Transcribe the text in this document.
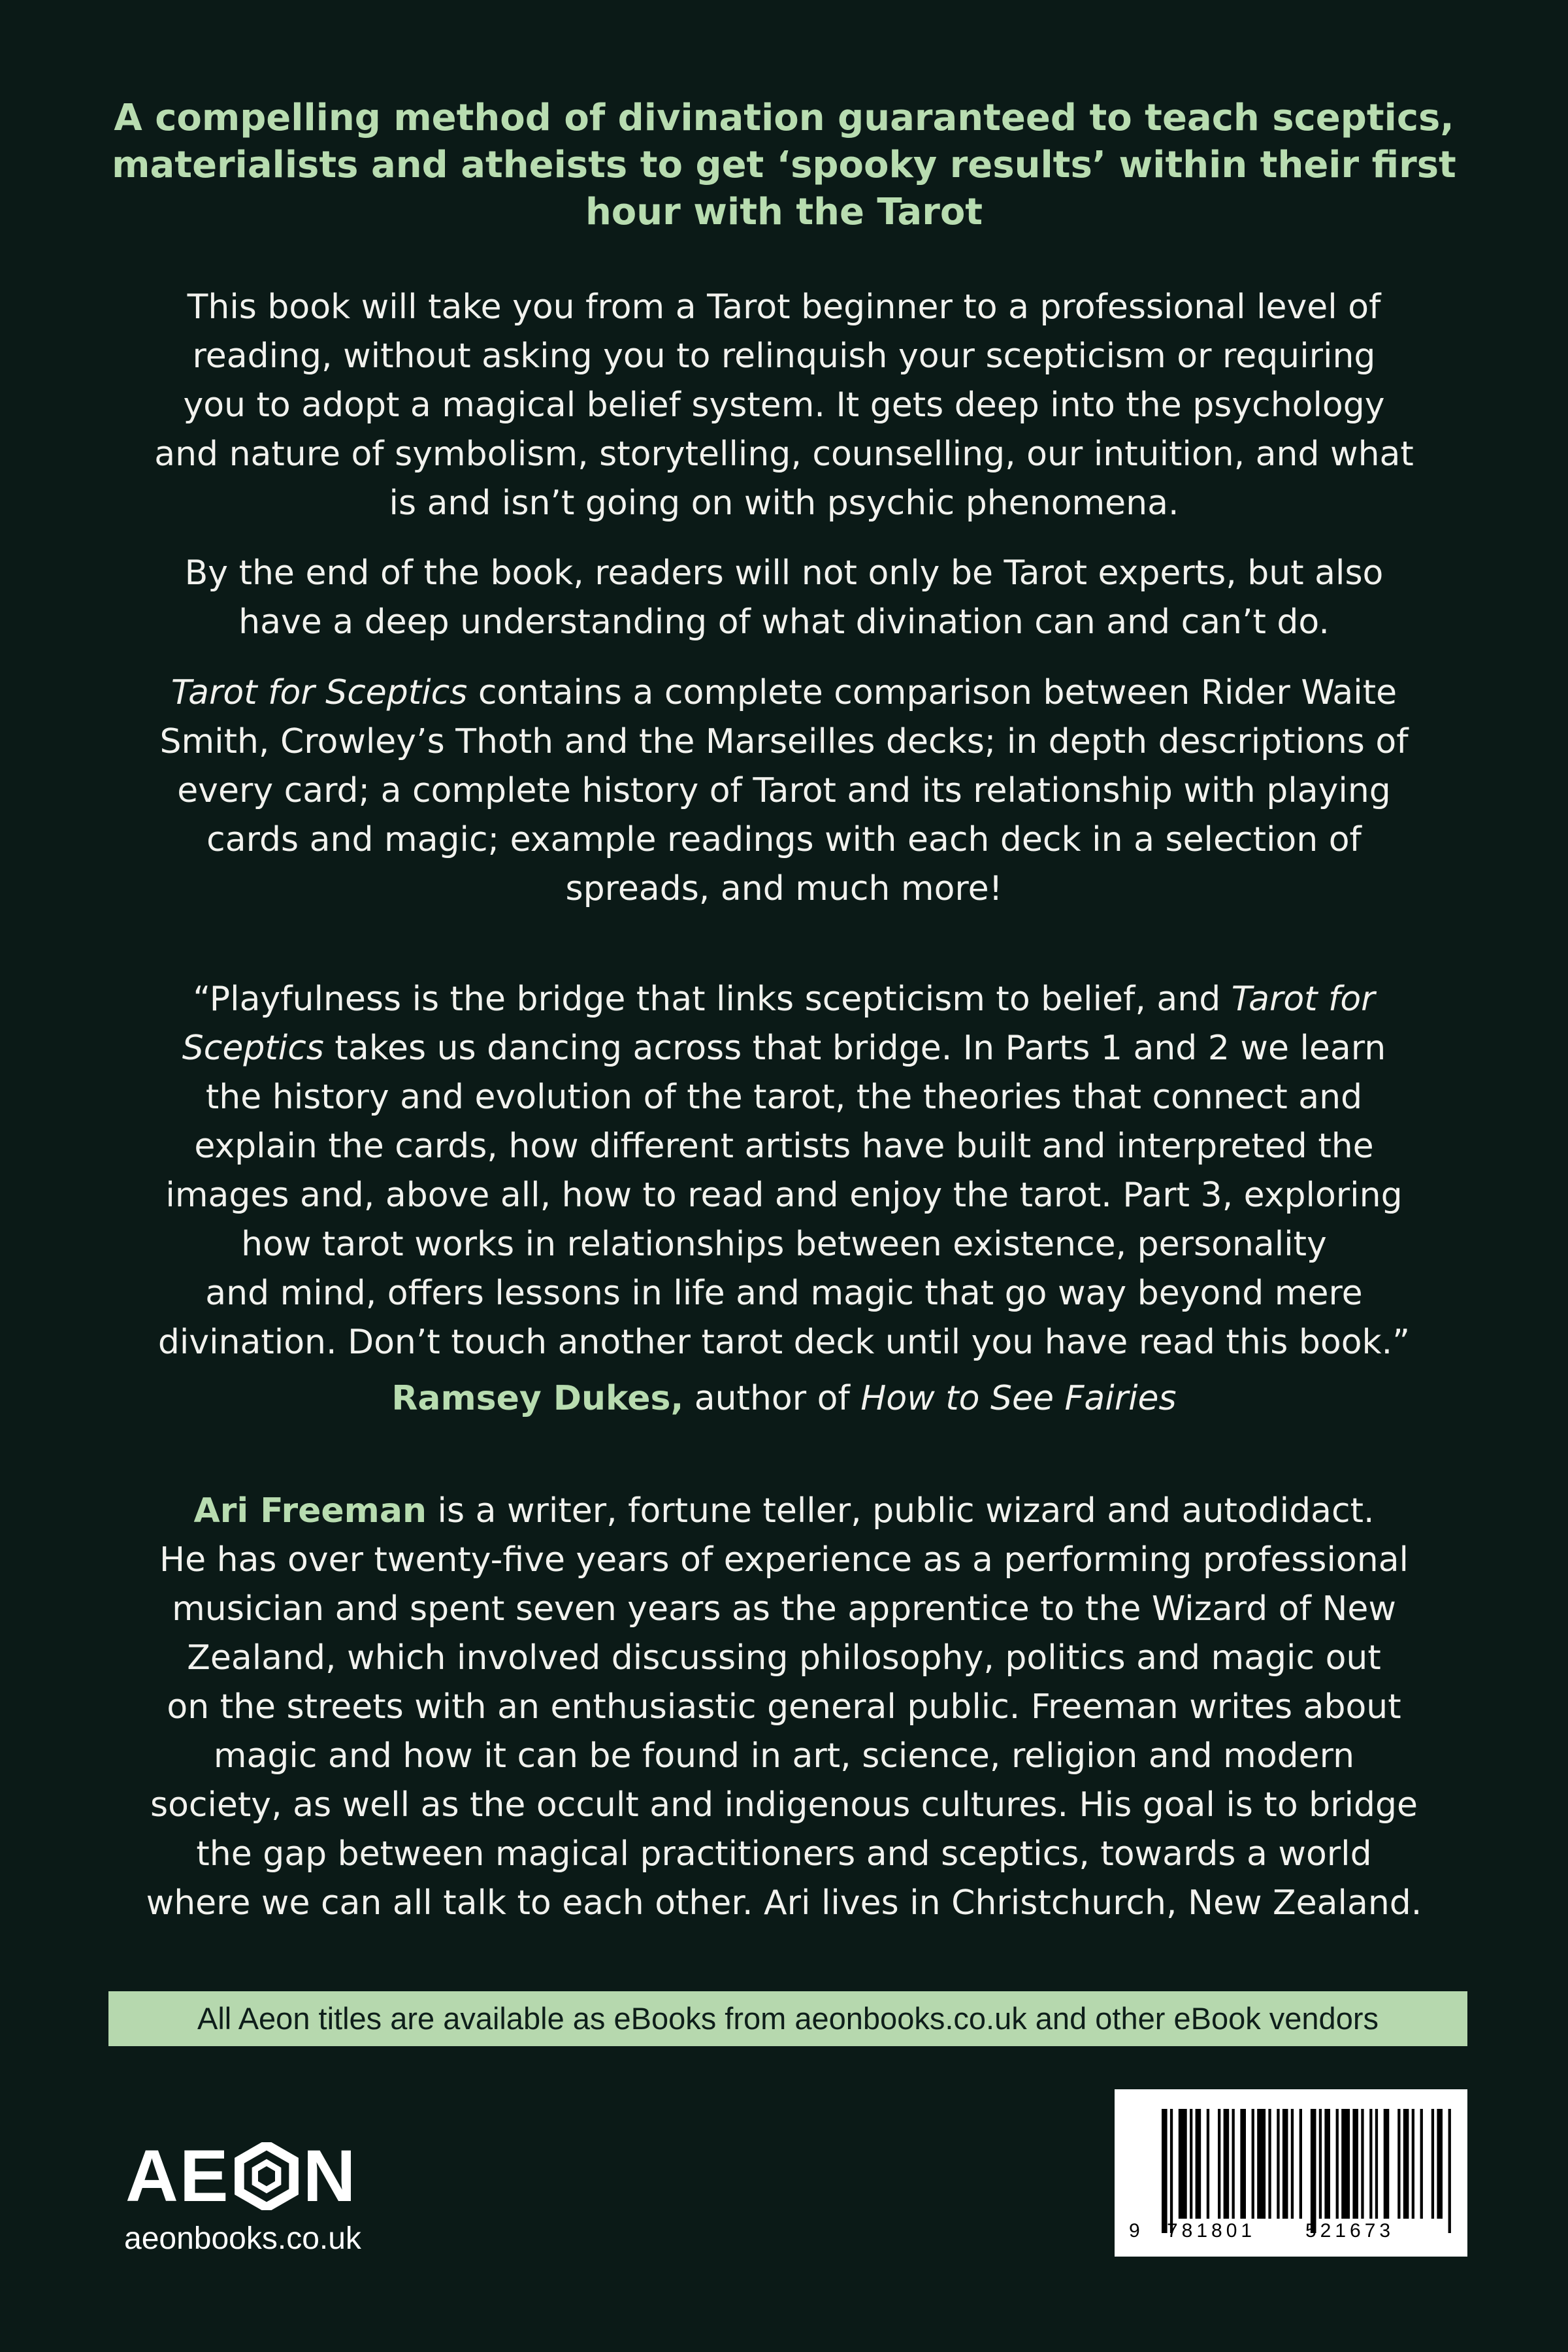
A compelling method of divination guaranteed to teach sceptics, materialists and atheists to get ‘spooky results’ within their first hour with the Tarot

This book will take you from a Tarot beginner to a professional level of

reading, without asking you to relinquish your scepticism or requiring

you to adopt a magical belief system. It gets deep into the psychology

and nature of symbolism, storytelling, counselling, our intuition, and what

is and isn’t going on with psychic phenomena.

By the end of the book, readers will not only be Tarot experts, but also

have a deep understanding of what divination can and can’t do.

Tarot for Sceptics contains a complete comparison between Rider Waite

Smith, Crowley’s Thoth and the Marseilles decks; in depth descriptions of

every card; a complete history of Tarot and its relationship with playing

cards and magic; example readings with each deck in a selection of

spreads, and much more!

“Playfulness is the bridge that links scepticism to belief, and Tarot for

Sceptics takes us dancing across that bridge. In Parts 1 and 2 we learn

the history and evolution of the tarot, the theories that connect and

explain the cards, how different artists have built and interpreted the

images and, above all, how to read and enjoy the tarot. Part 3, exploring

how tarot works in relationships between existence, personality

and mind, offers lessons in life and magic that go way beyond mere

divination. Don’t touch another tarot deck until you have read this book.”

Ramsey Dukes, author of How to See Fairies

Ari Freeman is a writer, fortune teller, public wizard and autodidact.

He has over twenty-five years of experience as a performing professional

musician and spent seven years as the apprentice to the Wizard of New

Zealand, which involved discussing philosophy, politics and magic out

on the streets with an enthusiastic general public. Freeman writes about

magic and how it can be found in art, science, religion and modern

society, as well as the occult and indigenous cultures. His goal is to bridge

the gap between magical practitioners and sceptics, towards a world

where we can all talk to each other. Ari lives in Christchurch, New Zealand.

All Aeon titles are available as eBooks from aeonbooks.co.uk and other eBook vendors
AE N
aeonbooks.co.uk	9 781801	521673
